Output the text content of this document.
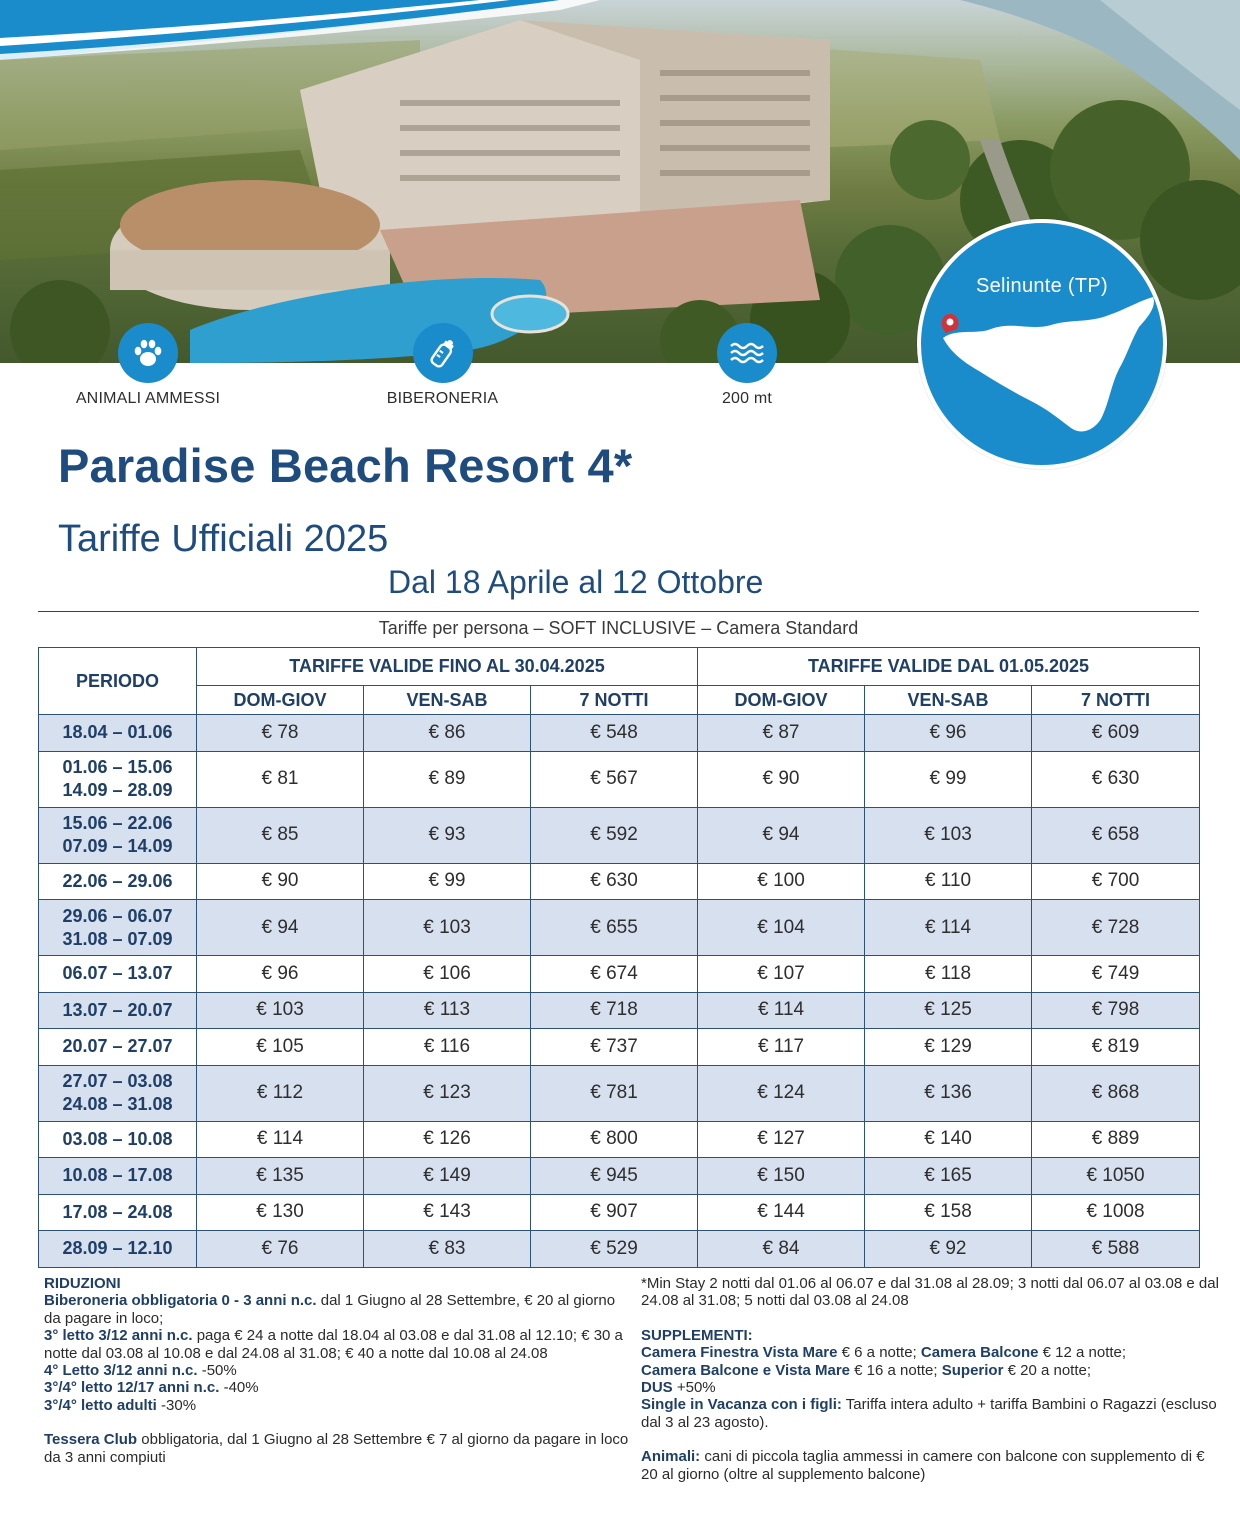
ANIMALI AMMESSI	BIBERONERIA	200 mt
Selinunte (TP)
Paradise Beach Resort 4*
Tariffe Ufficiali 2025
Dal 18 Aprile al 12 Ottobre
Tariffe per persona – SOFT INCLUSIVE – Camera Standard
PERIODO	TARIFFE VALIDE FINO AL 30.04.2025			TARIFFE VALIDE DAL 01.05.2025		
	DOM-GIOV	VEN-SAB	7 NOTTI	DOM-GIOV	VEN-SAB	7 NOTTI

18.04 – 01.06	€ 78	€ 86	€ 548	€ 87	€ 96	€ 609

01.06 – 15.06
14.09 – 28.09	€ 81	€ 89	€ 567	€ 90	€ 99	€ 630

15.06 – 22.06
07.09 – 14.09	€ 85	€ 93	€ 592	€ 94	€ 103	€ 658

22.06 – 29.06	€ 90	€ 99	€ 630	€ 100	€ 110	€ 700

29.06 – 06.07
31.08 – 07.09	€ 94	€ 103	€ 655	€ 104	€ 114	€ 728

06.07 – 13.07	€ 96	€ 106	€ 674	€ 107	€ 118	€ 749

13.07 – 20.07	€ 103	€ 113	€ 718	€ 114	€ 125	€ 798

20.07 – 27.07	€ 105	€ 116	€ 737	€ 117	€ 129	€ 819

27.07 – 03.08
24.08 – 31.08	€ 112	€ 123	€ 781	€ 124	€ 136	€ 868

03.08 – 10.08	€ 114	€ 126	€ 800	€ 127	€ 140	€ 889

10.08 – 17.08	€ 135	€ 149	€ 945	€ 150	€ 165	€ 1050

17.08 – 24.08	€ 130	€ 143	€ 907	€ 144	€ 158	€ 1008

28.09 – 12.10	€ 76	€ 83	€ 529	€ 84	€ 92	€ 588

RIDUZIONI

Biberoneria obbligatoria 0 - 3 anni n.c. dal 1 Giugno al 28 Settembre, € 20 al giorno da pagare in loco;

3° letto 3/12 anni n.c. paga € 24 a notte dal 18.04 al 03.08 e dal 31.08 al 12.10; € 30 a notte dal 03.08 al 10.08 e dal 24.08 al 31.08; € 40 a notte dal 10.08 al 24.08

4° Letto 3/12 anni n.c. -50%

3°/4° letto 12/17 anni n.c. -40%

3°/4° letto adulti -30%

Tessera Club obbligatoria, dal 1 Giugno al 28 Settembre € 7 al giorno da pagare in loco da 3 anni compiuti

*Min Stay 2 notti dal 01.06 al 06.07 e dal 31.08 al 28.09; 3 notti dal 06.07 al 03.08 e dal 24.08 al 31.08; 5 notti dal 03.08 al 24.08

SUPPLEMENTI:

Camera Finestra Vista Mare € 6 a notte; Camera Balcone € 12 a notte;

Camera Balcone e Vista Mare € 16 a notte; Superior € 20 a notte;

DUS +50%

Single in Vacanza con i figli: Tariffa intera adulto + tariffa Bambini o Ragazzi (escluso dal 3 al 23 agosto).

Animali: cani di piccola taglia ammessi in camere con balcone con supplemento di € 20 al giorno (oltre al supplemento balcone)
